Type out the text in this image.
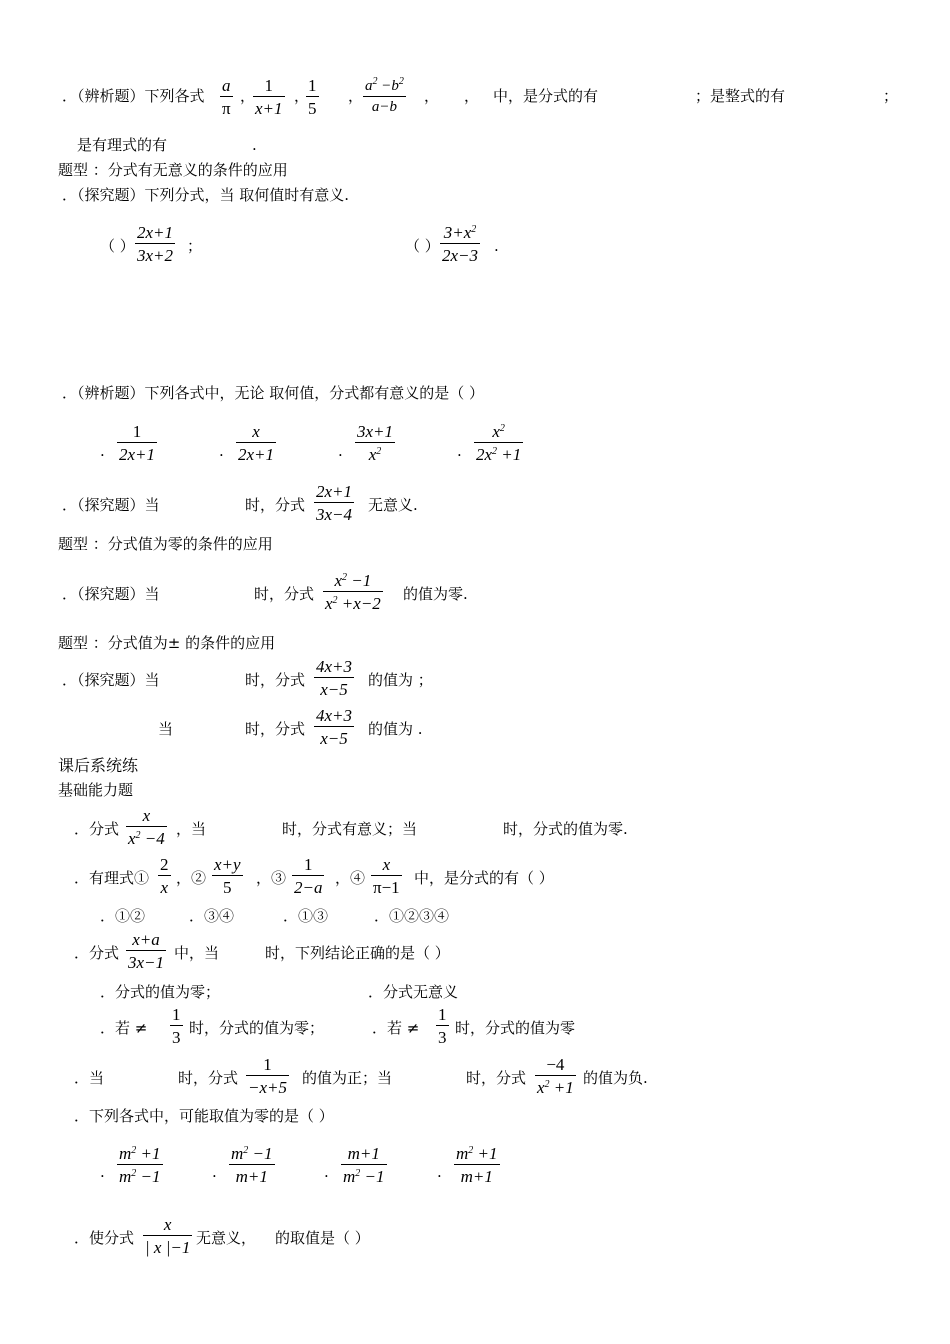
．（辨析题）下列各式
a
π
，
1
x+1
，
1
5
，
$a^2 -b^2$
a−b
， ， 中，是分式的有	；是整式的有	；
是有理式的有	.
题型 ：分式有无意义的条件的应用
．（探究题）下列分式，当 取何值时有意义.
（ ）
2x+1
3x+2 ；	（ ）
$3+x^2$
2x−3 .
．（辨析题）下列各式中，无论 取何值，分式都有意义的是（ ）
.
1
2x+1	.
x
2x+1	.
3x+1
$x^2$	.
$x^2$
$2x^2 +1$
．（探究题）当	时，分式
2x+1
3x−4 无意义.
题型 ：分式值为零的条件的应用
．（探究题）当	时，分式
$x^2 -1$
$x^2 +x-2$ 的值为零.
题型 ：分式值为± 的条件的应用
．（探究题）当	时，分式
4x+3
x−5 的值为 ；
当	时，分式
4x+3
x−5 的值为 .
课后系统练
基础能力题
．分式
x
$x^2 -4$ ，当	时，分式有意义；当	时，分式的值为零.
．有理式①
2
x ，②
x+y
5 ，③
1
2−a ，④
x
π−1 中，是分式的有（ ）
．①②	．③④	．①③	．①②③④
．分式
x+a
3x−1 中，当	时，下列结论正确的是（ ）
．分式的值为零；	．分式无意义
．若 ≠
1
3 时，分式的值为零；	．若 ≠
1
3 时，分式的值为零
．当	时，分式
1
−x+5 的值为正；当	时，分式
−4
$x^2 +1$ 的值为负.
．下列各式中，可能取值为零的是（ ）
.
$m^2 +1$
$m^2 -1$	.
$m^2 -1$
m+1	.
m+1
$m^2 -1$	.
$m^2 +1$
m+1
．使分式
x
| x |−1 无意义， 的取值是（ ）
